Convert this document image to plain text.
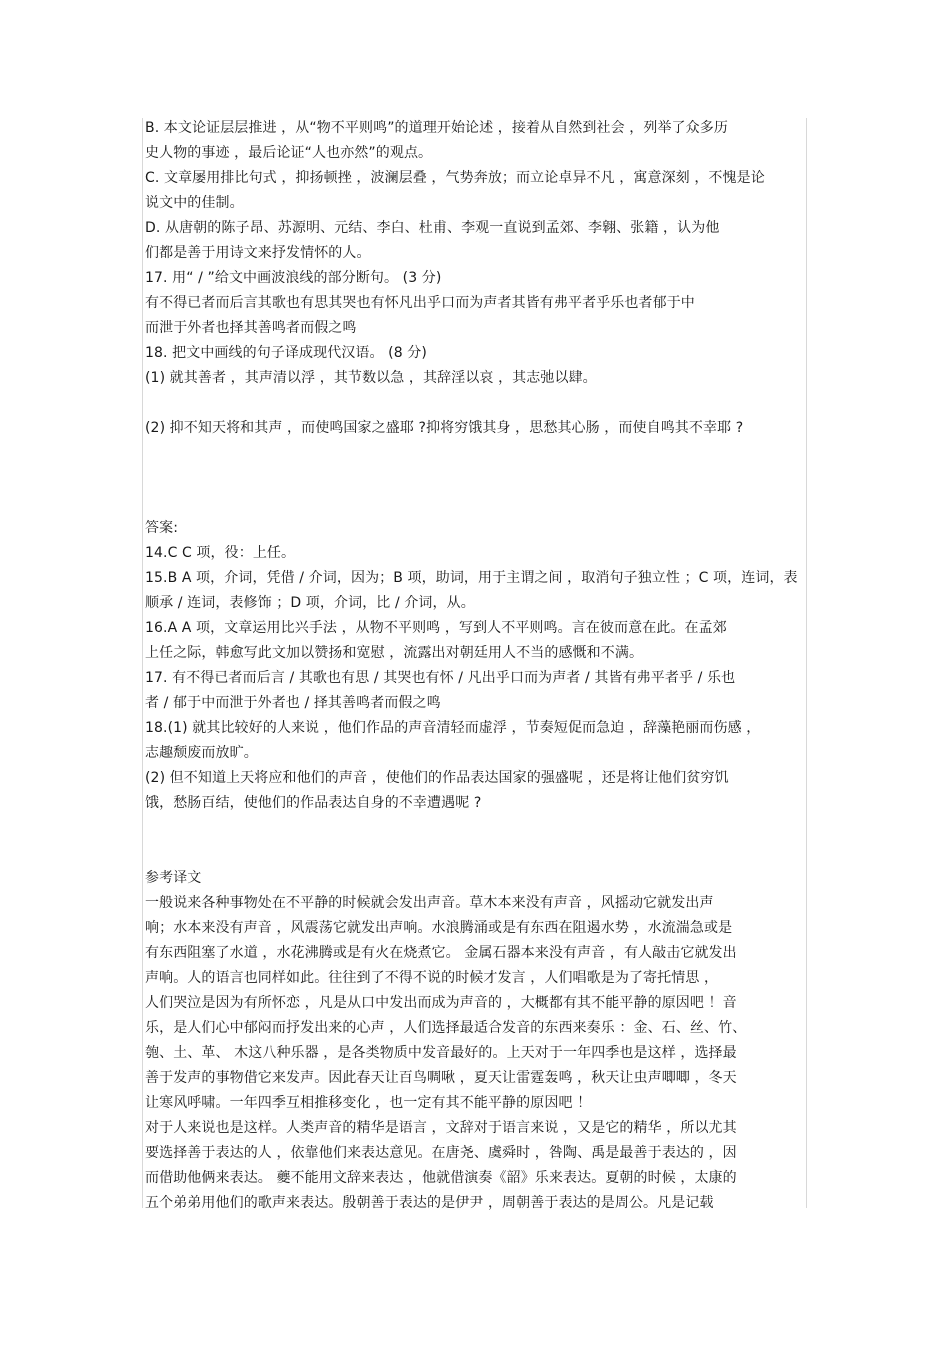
B. 本文论证层层推进 ，从“物不平则鸣”的道理开始论述 ，接着从自然到社会 ，列举了众多历
史人物的事迹 ，最后论证“人也亦然”的观点。
C. 文章屡用排比句式 ，抑扬顿挫 ，波澜层叠 ，气势奔放；而立论卓异不凡 ，寓意深刻 ，不愧是论
说文中的佳制。
D. 从唐朝的陈子昂、苏源明、元结、李白、杜甫、李观一直说到孟郊、李翱、张籍 ，认为他
们都是善于用诗文来抒发情怀的人。
17. 用“ / ”给文中画波浪线的部分断句。 (3 分)
有不得已者而后言其歌也有思其哭也有怀凡出乎口而为声者其皆有弗平者乎乐也者郁于中
而泄于外者也择其善鸣者而假之鸣
18. 把文中画线的句子译成现代汉语。 (8 分)
(1) 就其善者 ，其声清以浮 ，其节数以急 ，其辞淫以哀 ，其志弛以肆。
(2) 抑不知天将和其声 ，而使鸣国家之盛耶 ?抑将穷饿其身 ，思愁其心肠 ，而使自鸣其不幸耶 ?
答案:
14.C C 项，役：上任。
15.B A 项，介词，凭借 / 介词，因为；B 项，助词，用于主谓之间 ，取消句子独立性 ；C 项，连词，表
顺承 / 连词，表修饰 ；D 项，介词，比 / 介词，从。
16.A A 项，文章运用比兴手法 ，从物不平则鸣 ，写到人不平则鸣。言在彼而意在此。在孟郊
上任之际，韩愈写此文加以赞扬和宽慰 ，流露出对朝廷用人不当的感慨和不满。
17. 有不得已者而后言 / 其歌也有思 / 其哭也有怀 / 凡出乎口而为声者 / 其皆有弗平者乎 / 乐也
者 / 郁于中而泄于外者也 / 择其善鸣者而假之鸣
18.(1) 就其比较好的人来说 ，他们作品的声音清轻而虚浮 ，节奏短促而急迫 ，辞藻艳丽而伤感 ，
志趣颓废而放旷。
(2) 但不知道上天将应和他们的声音 ，使他们的作品表达国家的强盛呢 ，还是将让他们贫穷饥
饿，愁肠百结，使他们的作品表达自身的不幸遭遇呢 ?
参考译文
一般说来各种事物处在不平静的时候就会发出声音。草木本来没有声音 ，风摇动它就发出声
响；水本来没有声音 ，风震荡它就发出声响。水浪腾涌或是有东西在阻遏水势 ，水流湍急或是
有东西阻塞了水道 ，水花沸腾或是有火在烧煮它。 金属石器本来没有声音 ，有人敲击它就发出
声响。人的语言也同样如此。往往到了不得不说的时候才发言 ，人们唱歌是为了寄托情思 ，
人们哭泣是因为有所怀恋 ，凡是从口中发出而成为声音的 ，大概都有其不能平静的原因吧 ！音
乐，是人们心中郁闷而抒发出来的心声 ，人们选择最适合发音的东西来奏乐 ：金、石、丝、竹、
匏、土、革、 木这八种乐器 ，是各类物质中发音最好的。上天对于一年四季也是这样 ，选择最
善于发声的事物借它来发声。因此春天让百鸟啁啾 ，夏天让雷霆轰鸣 ，秋天让虫声唧唧 ，冬天
让寒风呼啸。一年四季互相推移变化 ，也一定有其不能平静的原因吧 ！
对于人来说也是这样。人类声音的精华是语言 ，文辞对于语言来说 ，又是它的精华 ，所以尤其
要选择善于表达的人 ，依靠他们来表达意见。在唐尧、虞舜时 ，咎陶、禹是最善于表达的 ，因
而借助他俩来表达。 夔不能用文辞来表达 ，他就借演奏《韶》乐来表达。夏朝的时候 ，太康的
五个弟弟用他们的歌声来表达。殷朝善于表达的是伊尹 ，周朝善于表达的是周公。凡是记载
